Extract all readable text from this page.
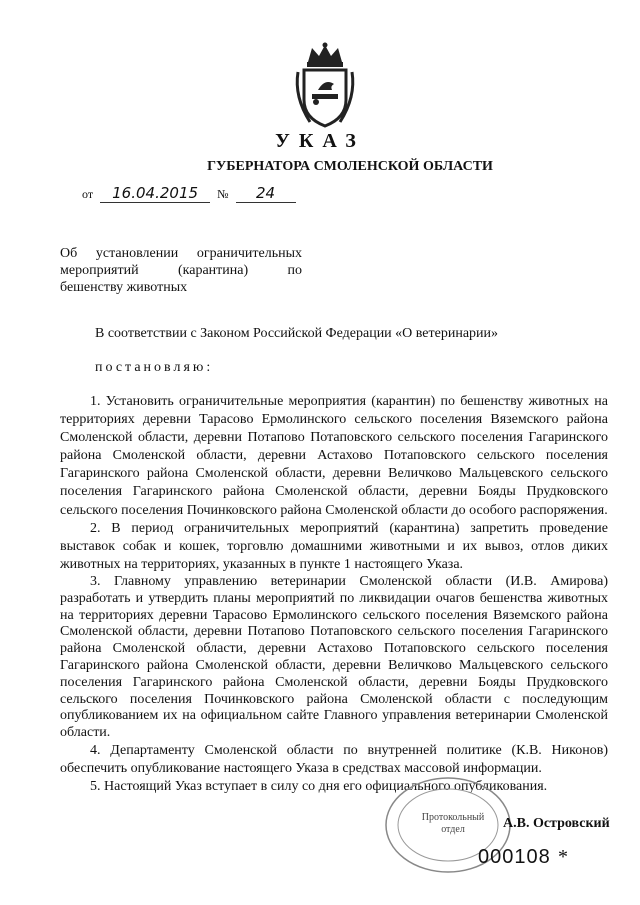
УКАЗ
ГУБЕРНАТОРА СМОЛЕНСКОЙ ОБЛАСТИ
от 16.04.2015 № 24
Об установлении ограничительных
мероприятий (карантина) по
бешенству животных
В соответствии с Законом Российской Федерации «О ветеринарии»
постановляю:

1. Установить ограничительные мероприятия (карантин) по бешенству животных на территориях деревни Тарасово Ермолинского сельского поселения Вяземского района Смоленской области, деревни Потапово Потаповского сельского поселения Гагаринского района Смоленской области, деревни Астахово Потаповского сельского поселения Гагаринского района Смоленской области, деревни Величково Мальцевского сельского поселения Гагаринского района Смоленской области, деревни Бояды Прудковского сельского поселения Починковского района Смоленской области до особого распоряжения.

2. В период ограничительных мероприятий (карантина) запретить проведение выставок собак и кошек, торговлю домашними животными и их вывоз, отлов диких животных на территориях, указанных в пункте 1 настоящего Указа.

3. Главному управлению ветеринарии Смоленской области (И.В. Амирова) разработать и утвердить планы мероприятий по ликвидации очагов бешенства животных на территориях деревни Тарасово Ермолинского сельского поселения Вяземского района Смоленской области, деревни Потапово Потаповского сельского поселения Гагаринского района Смоленской области, деревни Астахово Потаповского сельского поселения Гагаринского района Смоленской области, деревни Величково Мальцевского сельского поселения Гагаринского района Смоленской области, деревни Бояды Прудковского сельского поселения Починковского района Смоленской области с последующим опубликованием их на официальном сайте Главного управления ветеринарии Смоленской области.

4. Департаменту Смоленской области по внутренней политике (К.В. Никонов) обеспечить опубликование настоящего Указа в средствах массовой информации.

5. Настоящий Указ вступает в силу со дня его официального опубликования.

Протокольный
отдел	А.В. Островский
000108 *
